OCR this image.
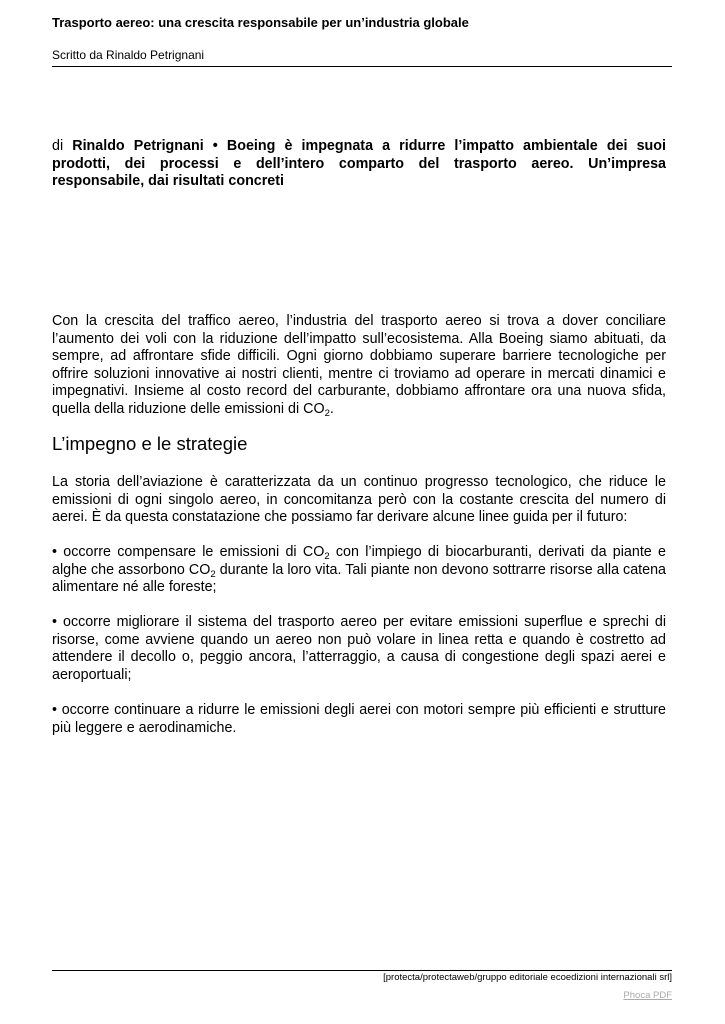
Trasporto aereo: una crescita responsabile per un’industria globale
Scritto da Rinaldo Petrignani

di Rinaldo Petrignani • Boeing è impegnata a ridurre l’impatto ambientale dei suoi prodotti, dei processi e dell’intero comparto del trasporto aereo. Un’impresa responsabile, dai risultati concreti

Con la crescita del traffico aereo, l’industria del trasporto aereo si trova a dover conciliare l’aumento dei voli con la riduzione dell’impatto sull’ecosistema. Alla Boeing siamo abituati, da sempre, ad affrontare sfide difficili. Ogni giorno dobbiamo superare barriere tecnologiche per offrire soluzioni innovative ai nostri clienti, mentre ci troviamo ad operare in mercati dinamici e impegnativi. Insieme al costo record del carburante, dobbiamo affrontare ora una nuova sfida, quella della riduzione delle emissioni di $CO_2$.

L’impegno e le strategie

La storia dell’aviazione è caratterizzata da un continuo progresso tecnologico, che riduce le emissioni di ogni singolo aereo, in concomitanza però con la costante crescita del numero di aerei. È da questa constatazione che possiamo far derivare alcune linee guida per il futuro:

• occorre compensare le emissioni di $CO_2$ con l’impiego di biocarburanti, derivati da piante e alghe che assorbono $CO_2$ durante la loro vita. Tali piante non devono sottrarre risorse alla catena alimentare né alle foreste;

• occorre migliorare il sistema del trasporto aereo per evitare emissioni superflue e sprechi di risorse, come avviene quando un aereo non può volare in linea retta e quando è costretto ad attendere il decollo o, peggio ancora, l’atterraggio, a causa di congestione degli spazi aerei e aeroportuali;

• occorre continuare a ridurre le emissioni degli aerei con motori sempre più efficienti e strutture più leggere e aerodinamiche.

[protecta/protectaweb/gruppo editoriale ecoedizioni internazionali srl]
Phoca PDF
